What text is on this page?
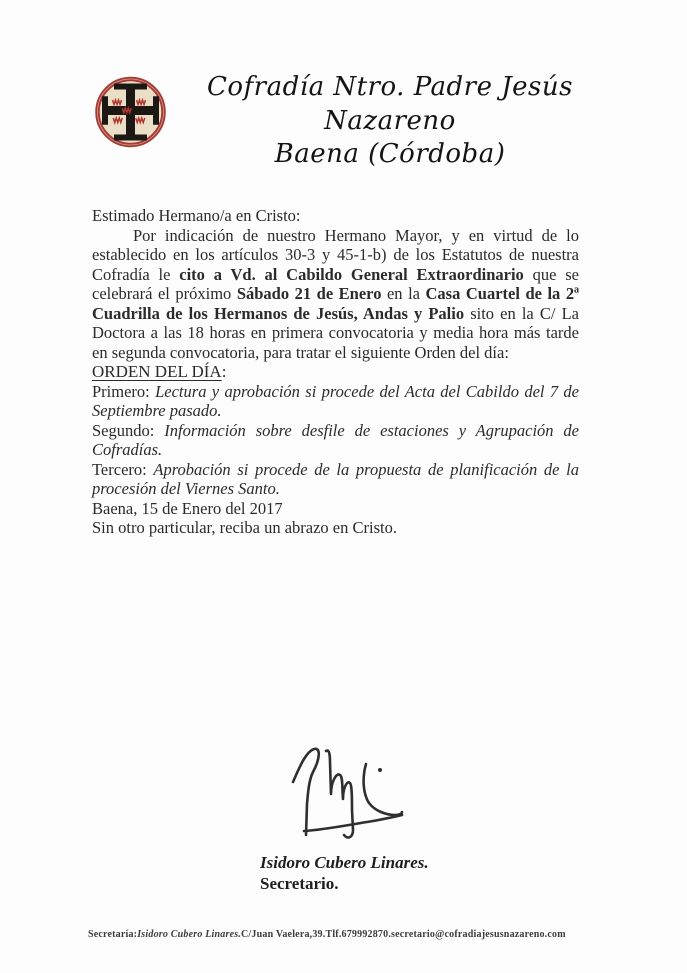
Cofradía Ntro. Padre Jesús Nazareno
Baena (Córdoba)

Estimado Hermano/a en Cristo:

Por indicación de nuestro Hermano Mayor, y en virtud de lo establecido en los artículos 30-3 y 45-1-b) de los Estatutos de nuestra Cofradía le cito a Vd. al Cabildo General Extraordinario que se celebrará el próximo Sábado 21 de Enero en la Casa Cuartel de la 2ª Cuadrilla de los Hermanos de Jesús, Andas y Palio sito en la C/ La Doctora a las 18 horas en primera convocatoria y media hora más tarde en segunda convocatoria, para tratar el siguiente Orden del día:

ORDEN DEL DÍA:

Primero: Lectura y aprobación si procede del Acta del Cabildo del 7 de Septiembre pasado.

Segundo: Información sobre desfile de estaciones y Agrupación de Cofradías.

Tercero: Aprobación si procede de la propuesta de planificación de la procesión del Viernes Santo.

Baena, 15 de Enero del 2017

Sin otro particular, reciba un abrazo en Cristo.

Isidoro Cubero Linares.
Secretario.
Secretaría:Isidoro Cubero Linares.C/Juan Vaelera,39.Tlf.679992870.secretario@cofradiajesusnazareno.com
